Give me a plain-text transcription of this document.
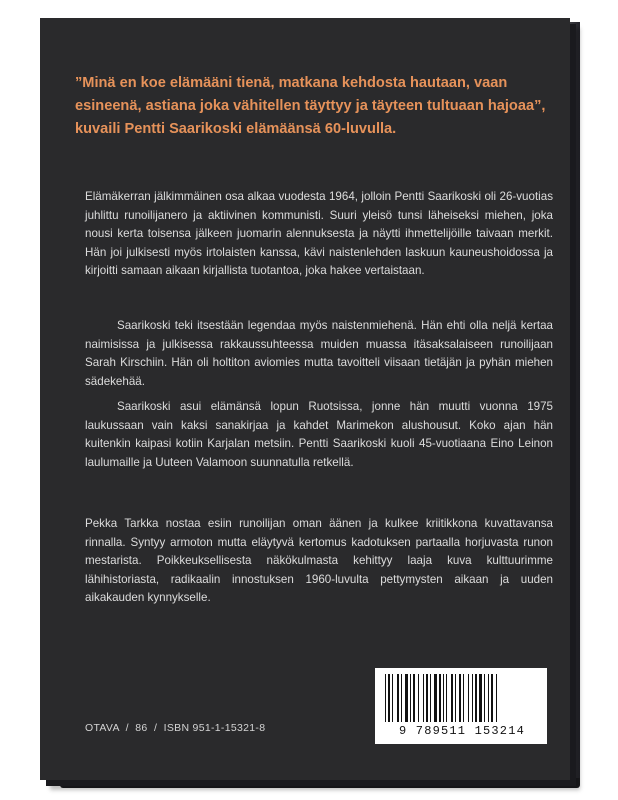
”Minä en koe elämääni tienä, matkana kehdosta hautaan, vaan esineenä, astiana joka vähitellen täyttyy ja täyteen tultuaan hajoaa”, kuvaili Pentti Saarikoski elämäänsä 60-luvulla.

Elämäkerran jälkimmäinen osa alkaa vuodesta 1964, jolloin Pentti Saarikoski oli 26-vuotias juhlittu runoilijanero ja aktiivinen kommunisti. Suuri yleisö tunsi läheiseksi miehen, joka nousi kerta toisensa jälkeen juomarin alennuksesta ja näytti ihmettelijöille taivaan merkit. Hän joi julkisesti myös irtolaisten kanssa, kävi naistenlehden laskuun kauneushoidossa ja kirjoitti samaan aikaan kirjallista tuotantoa, joka hakee vertaistaan.

Saarikoski teki itsestään legendaa myös naistenmiehenä. Hän ehti olla neljä kertaa naimisissa ja julkisessa rakkaussuhteessa muiden muassa itäsaksalaiseen runoilijaan Sarah Kirschiin. Hän oli holtiton aviomies mutta tavoitteli viisaan tietäjän ja pyhän miehen sädekehää.

Saarikoski asui elämänsä lopun Ruotsissa, jonne hän muutti vuonna 1975 laukussaan vain kaksi sanakirjaa ja kahdet Marimekon alushousut. Koko ajan hän kuitenkin kaipasi kotiin Karjalan metsiin. Pentti Saarikoski kuoli 45-vuotiaana Eino Leinon laulumaille ja Uuteen Valamoon suunnatulla retkellä.

Pekka Tarkka nostaa esiin runoilijan oman äänen ja kulkee kriitikkona kuvattavansa rinnalla. Syntyy armoton mutta eläytyvä kertomus kadotuksen partaalla horjuvasta runon mestarista. Poikkeuksellisesta näkökulmasta kehittyy laaja kuva kulttuurimme lähihistoriasta, radikaalin innostuksen 1960-luvulta pettymysten aikaan ja uuden aikakauden kynnykselle.

OTAVA  /  86  /  ISBN 951-1-15321-8	9 789511 153214
